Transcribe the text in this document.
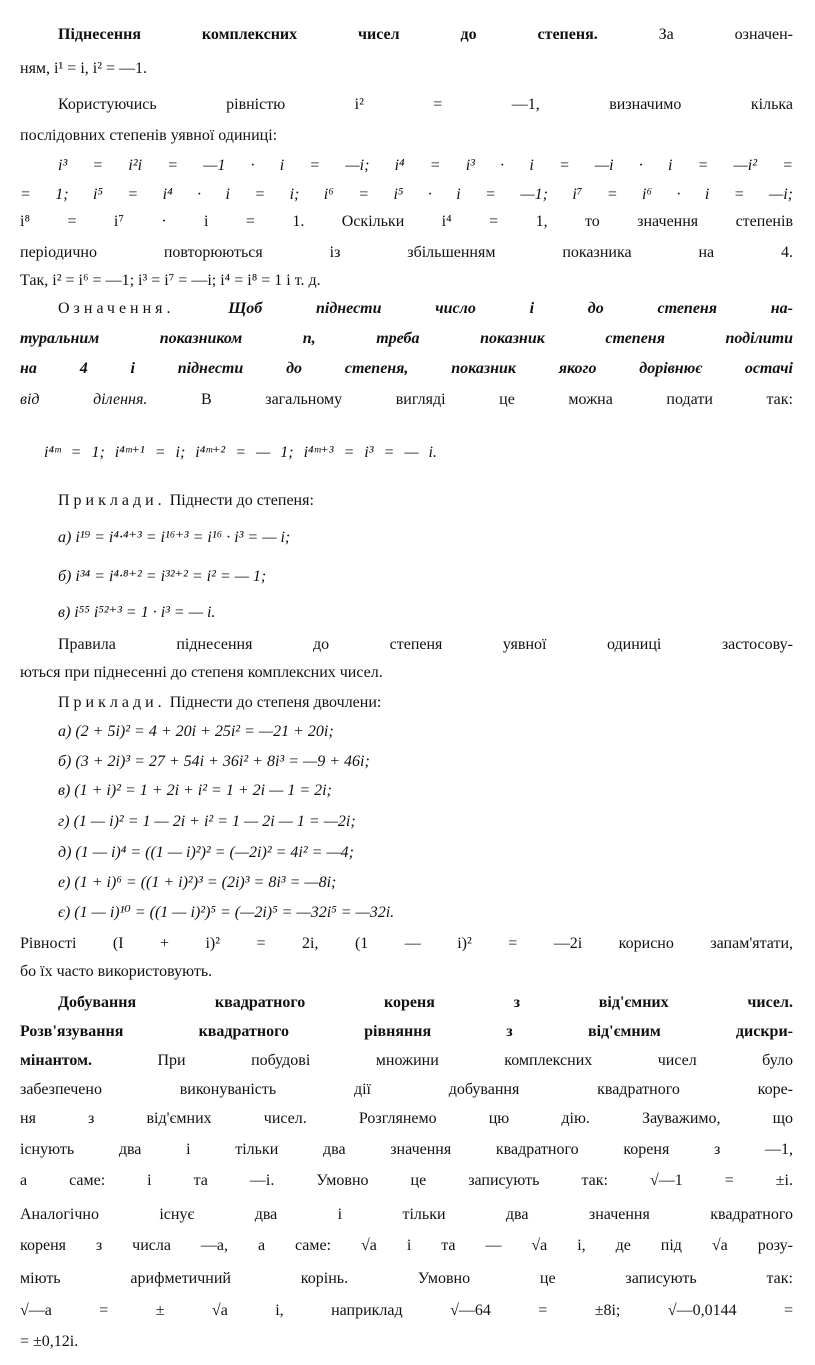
Піднесення комплексних чисел до степеня. За означен-
ням, i¹ = i, i² = —1.
Користуючись рівністю i² = —1, визначимо кілька
послідовних степенів уявної одиниці:
i³ = i²i = —1 · i = —i; i⁴ = i³ · i = —i · i = —i² =
= 1; i⁵ = i⁴ · i = i; i⁶ = i⁵ · i = —1; i⁷ = i⁶ · i = —i;
i⁸ = i⁷ · i = 1. Оскільки i⁴ = 1, то значення степенів
періодично повторюються із збільшенням показника на 4.
Так, i² = i⁶ = —1; i³ = i⁷ = —i; i⁴ = i⁸ = 1 і т. д.
Означення. Щоб піднести число і до степеня на-
туральним показником n, треба показник степеня поділити
на 4 і піднести до степеня, показник якого дорівнює остачі
від ділення. В загальному вигляді це можна подати так:
i⁴ᵐ = 1; i⁴ᵐ⁺¹ = i; i⁴ᵐ⁺² = — 1; i⁴ᵐ⁺³ = i³ = — i.
Приклади. Піднести до степеня:
а) i¹⁹ = i⁴·⁴⁺³ = i¹⁶⁺³ = i¹⁶ · i³ = — i;
б) i³⁴ = i⁴·⁸⁺² = i³²⁺² = i² = — 1;
в) i⁵⁵ i⁵²⁺³ = 1 · i³ = — i.
Правила піднесення до степеня уявної одиниці застосову-
ються при піднесенні до степеня комплексних чисел.
Приклади. Піднести до степеня двочлени:
а) (2 + 5i)² = 4 + 20i + 25i² = —21 + 20i;
б) (3 + 2i)³ = 27 + 54i + 36i² + 8i³ = —9 + 46i;
в) (1 + i)² = 1 + 2i + i² = 1 + 2i — 1 = 2i;
г) (1 — i)² = 1 — 2i + i² = 1 — 2i — 1 = —2i;
д) (1 — i)⁴ = ((1 — i)²)² = (—2i)² = 4i² = —4;
е) (1 + i)⁶ = ((1 + i)²)³ = (2i)³ = 8i³ = —8i;
є) (1 — i)¹⁰ = ((1 — i)²)⁵ = (—2i)⁵ = —32i⁵ = —32i.
Рівності (І + i)² = 2i, (1 — i)² = —2i корисно запам'ятати,
бо їх часто використовують.
Добування квадратного кореня з від'ємних чисел.
Розв'язування квадратного рівняння з від'ємним дискри-
мінантом. При побудові множини комплексних чисел було
забезпечено виконуваність дії добування квадратного коре-
ня з від'ємних чисел. Розглянемо цю дію. Зауважимо, що
існують два і тільки два значення квадратного кореня з —1,
а саме: i та —i. Умовно це записують так: √—1 = ±i.
Аналогічно існує два і тільки два значення квадратного
кореня з числа —a, а саме: √a i та — √a i, де під √a розу-
міють арифметичний корінь. Умовно це записують так:
√—a = ± √a i, наприклад √—64 = ±8i; √—0,0144 =
= ±0,12i.
